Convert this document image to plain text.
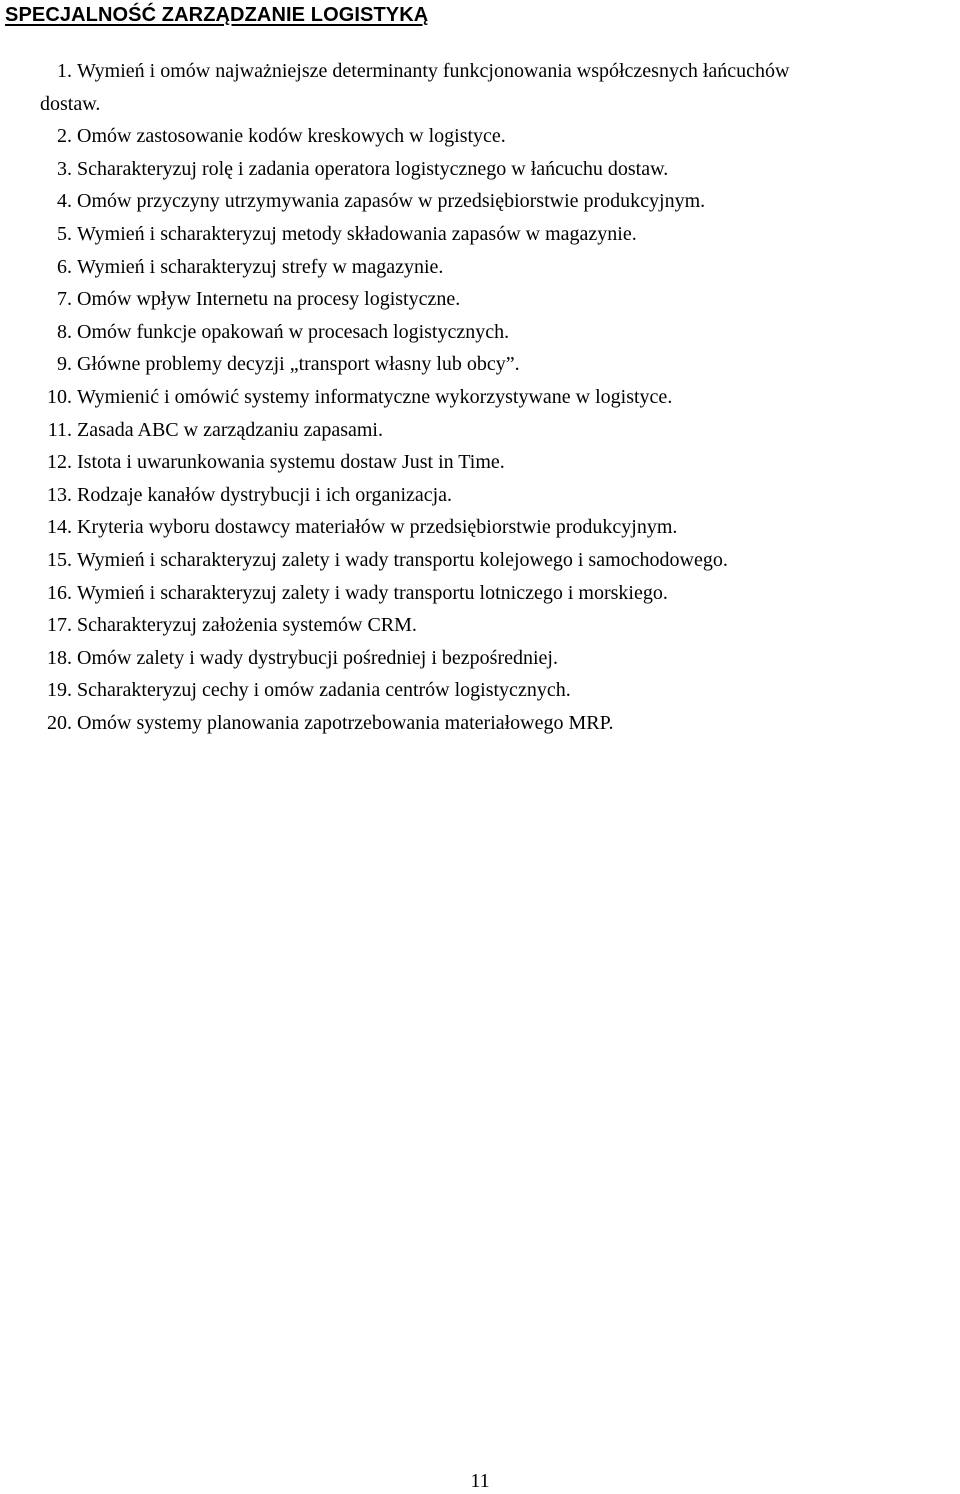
SPECJALNOŚĆ ZARZĄDZANIE LOGISTYKĄ
1. Wymień i omów najważniejsze determinanty funkcjonowania współczesnych łańcuchów
dostaw.
2. Omów zastosowanie kodów kreskowych w logistyce.
3. Scharakteryzuj rolę i zadania operatora logistycznego w łańcuchu dostaw.
4. Omów przyczyny utrzymywania zapasów w przedsiębiorstwie produkcyjnym.
5. Wymień i scharakteryzuj metody składowania zapasów w magazynie.
6. Wymień i scharakteryzuj strefy w magazynie.
7. Omów wpływ Internetu na procesy logistyczne.
8. Omów funkcje opakowań w procesach logistycznych.
9. Główne problemy decyzji „transport własny lub obcy”.
10. Wymienić i omówić systemy informatyczne wykorzystywane w logistyce.
11. Zasada ABC w zarządzaniu zapasami.
12. Istota i uwarunkowania systemu dostaw Just in Time.
13. Rodzaje kanałów dystrybucji i ich organizacja.
14. Kryteria wyboru dostawcy materiałów w przedsiębiorstwie produkcyjnym.
15. Wymień i scharakteryzuj zalety i wady transportu kolejowego i samochodowego.
16. Wymień i scharakteryzuj zalety i wady transportu lotniczego i morskiego.
17. Scharakteryzuj założenia systemów CRM.
18. Omów zalety i wady dystrybucji pośredniej i bezpośredniej.
19. Scharakteryzuj cechy i omów zadania centrów logistycznych.
20. Omów systemy planowania zapotrzebowania materiałowego MRP.
11
